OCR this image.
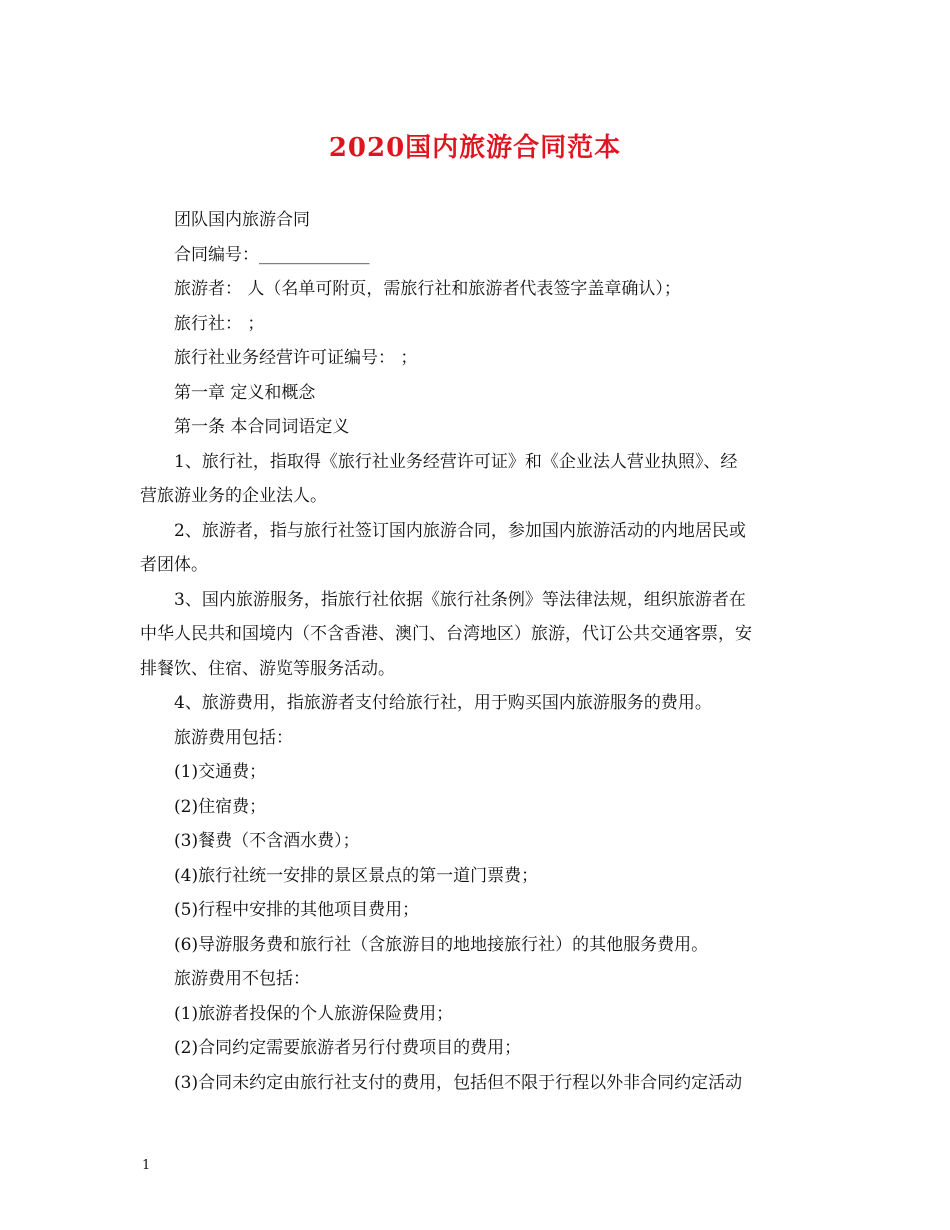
2020国内旅游合同范本
团队国内旅游合同
合同编号：_____________
旅游者： 人（名单可附页，需旅行社和旅游者代表签字盖章确认）；
旅行社： ；
旅行社业务经营许可证编号： ；
第一章 定义和概念
第一条 本合同词语定义
1、旅行社，指取得《旅行社业务经营许可证》和《企业法人营业执照》、经
营旅游业务的企业法人。
2、旅游者，指与旅行社签订国内旅游合同，参加国内旅游活动的内地居民或
者团体。
3、国内旅游服务，指旅行社依据《旅行社条例》等法律法规，组织旅游者在
中华人民共和国境内（不含香港、澳门、台湾地区）旅游，代订公共交通客票，安
排餐饮、住宿、游览等服务活动。
4、旅游费用，指旅游者支付给旅行社，用于购买国内旅游服务的费用。
旅游费用包括：
(1)交通费；
(2)住宿费；
(3)餐费（不含酒水费）；
(4)旅行社统一安排的景区景点的第一道门票费；
(5)行程中安排的其他项目费用；
(6)导游服务费和旅行社（含旅游目的地地接旅行社）的其他服务费用。
旅游费用不包括：
(1)旅游者投保的个人旅游保险费用；
(2)合同约定需要旅游者另行付费项目的费用；
(3)合同未约定由旅行社支付的费用，包括但不限于行程以外非合同约定活动
1
